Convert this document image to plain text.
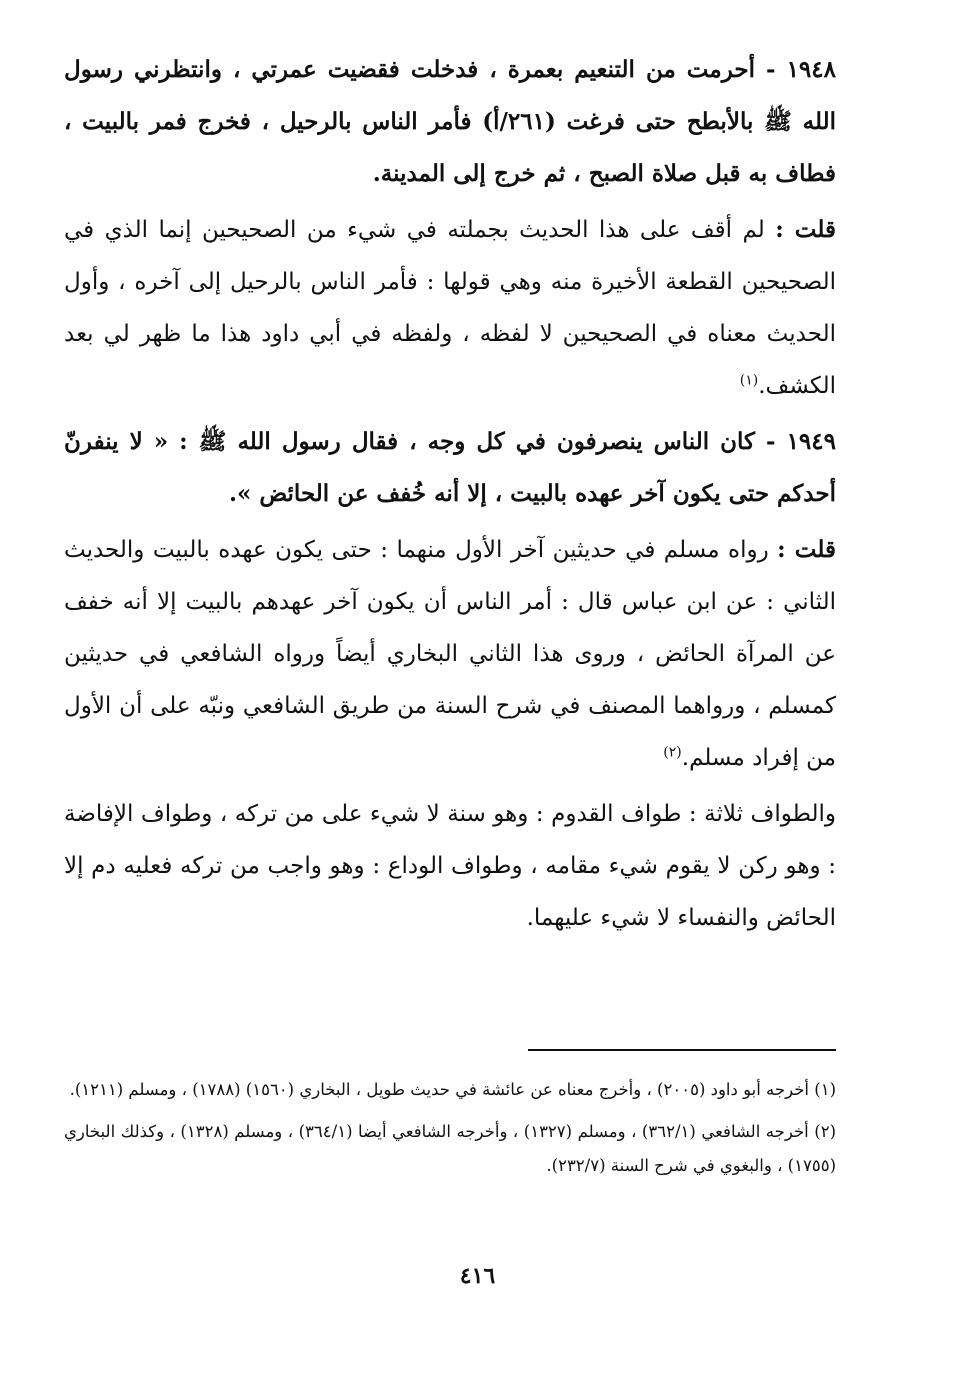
١٩٤٨ - أحرمت من التنعيم بعمرة ، فدخلت فقضيت عمرتي ، وانتظرني رسول الله ﷺ بالأبطح حتى فرغت (٢٦١/أ) فأمر الناس بالرحيل ، فخرج فمر بالبيت ، فطاف به قبل صلاة الصبح ، ثم خرج إلى المدينة.

قلت : لم أقف على هذا الحديث بجملته في شيء من الصحيحين إنما الذي في الصحيحين القطعة الأخيرة منه وهي قولها : فأمر الناس بالرحيل إلى آخره ، وأول الحديث معناه في الصحيحين لا لفظه ، ولفظه في أبي داود هذا ما ظهر لي بعد الكشف.$^{(١)}$

١٩٤٩ - كان الناس ينصرفون في كل وجه ، فقال رسول الله ﷺ : « لا ينفرنّ أحدكم حتى يكون آخر عهده بالبيت ، إلا أنه خُفف عن الحائض ».

قلت : رواه مسلم في حديثين آخر الأول منهما : حتى يكون عهده بالبيت والحديث الثاني : عن ابن عباس قال : أمر الناس أن يكون آخر عهدهم بالبيت إلا أنه خفف عن المرآة الحائض ، وروى هذا الثاني البخاري أيضاً ورواه الشافعي في حديثين كمسلم ، ورواهما المصنف في شرح السنة من طريق الشافعي ونبّه على أن الأول من إفراد مسلم.$^{(٢)}$

والطواف ثلاثة : طواف القدوم : وهو سنة لا شيء على من تركه ، وطواف الإفاضة : وهو ركن لا يقوم شيء مقامه ، وطواف الوداع : وهو واجب من تركه فعليه دم إلا الحائض والنفساء لا شيء عليهما.

(١) أخرجه أبو داود (٢٠٠٥) ، وأخرج معناه عن عائشة في حديث طويل ، البخاري (١٥٦٠) (١٧٨٨) ، ومسلم (١٢١١).

(٢) أخرجه الشافعي (٣٦٢/١) ، ومسلم (١٣٢٧) ، وأخرجه الشافعي أيضا (٣٦٤/١) ، ومسلم (١٣٢٨) ، وكذلك البخاري (١٧٥٥) ، والبغوي في شرح السنة (٢٣٢/٧).

٤١٦
